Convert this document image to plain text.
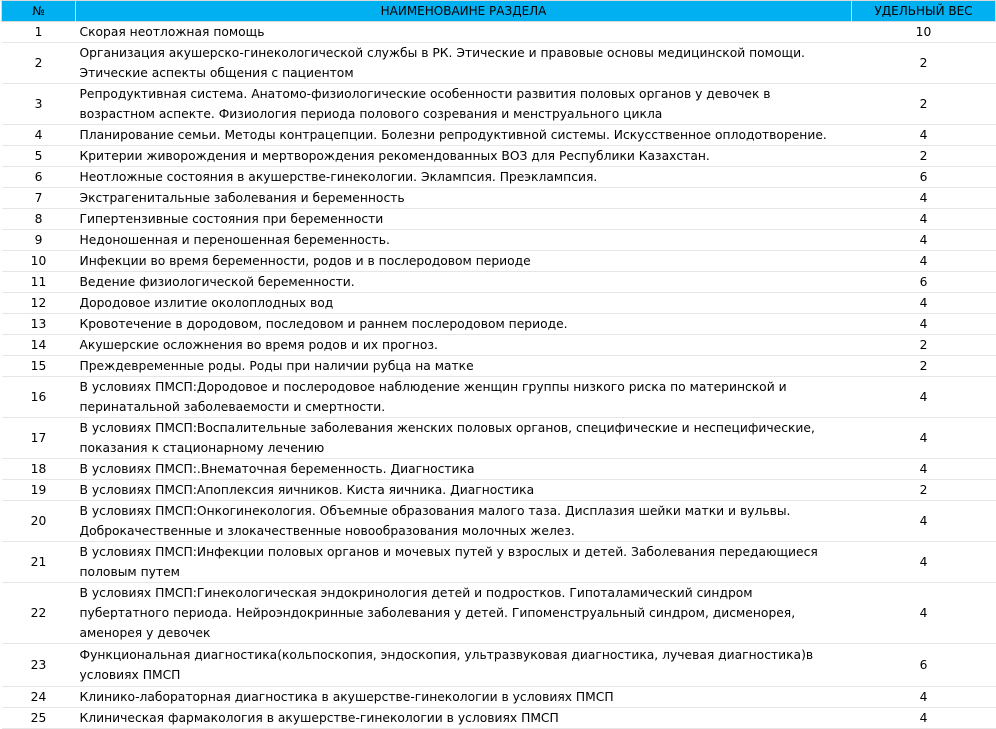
№	НАИМЕНОВАИНЕ РАЗДЕЛА	УДЕЛЬНЫЙ ВЕС
1	Скорая неотложная помощь	10
2	Организация акушерско-гинекологической службы в РК. Этические и правовые основы медицинской помощи. Этические аспекты общения с пациентом	2
3	Репродуктивная система. Анатомо-физиологические особенности развития половых органов у девочек в возрастном аспекте. Физиология периода полового созревания и менструального цикла	2
4	Планирование семьи. Методы контрацепции. Болезни репродуктивной системы. Искусственное оплодотворение.	4
5	Критерии живорождения и мертворождения рекомендованных ВОЗ для Республики Казахстан.	2
6	Неотложные состояния в акушерстве-гинекологии. Эклампсия. Преэклампсия.	6
7	Экстрагенитальные заболевания и беременность	4
8	Гипертензивные состояния при беременности	4
9	Недоношенная и переношенная беременность.	4
10	Инфекции во время беременности, родов и в послеродовом периоде	4
11	Ведение физиологической беременности.	6
12	Дородовое излитие околоплодных вод	4
13	Кровотечение в дородовом, последовом и раннем послеродовом периоде.	4
14	Акушерские осложнения во время родов и их прогноз.	2
15	Преждевременные роды. Роды при наличии рубца на матке	2
16	В условиях ПМСП:Дородовое и послеродовое наблюдение женщин группы низкого риска по материнской и перинатальной заболеваемости и смертности.	4
17	В условиях ПМСП:Воспалительные заболевания женских половых органов, специфические и неспецифические, показания к стационарному лечению	4
18	В условиях ПМСП:.Внематочная беременность. Диагностика	4
19	В условиях ПМСП:Апоплексия яичников. Киста яичника. Диагностика	2
20	В условиях ПМСП:Онкогинекология. Объемные образования малого таза. Дисплазия шейки матки и вульвы. Доброкачественные и злокачественные новообразования молочных желез.	4
21	В условиях ПМСП:Инфекции половых органов и мочевых путей у взрослых и детей. Заболевания передающиеся половым путем	4
22	В условиях ПМСП:Гинекологическая эндокринология детей и подростков. Гипоталамический синдром пубертатного периода. Нейроэндокринные заболевания у детей. Гипоменструальный синдром, дисменорея, аменорея у девочек	4
23	Функциональная диагностика(кольпоскопия, эндоскопия, ультразвуковая диагностика, лучевая диагностика)в условиях ПМСП	6
24	Клинико-лабораторная диагностика в акушерстве-гинекологии в условиях ПМСП	4
25	Клиническая фармакология в акушерстве-гинекологии в условиях ПМСП	4
